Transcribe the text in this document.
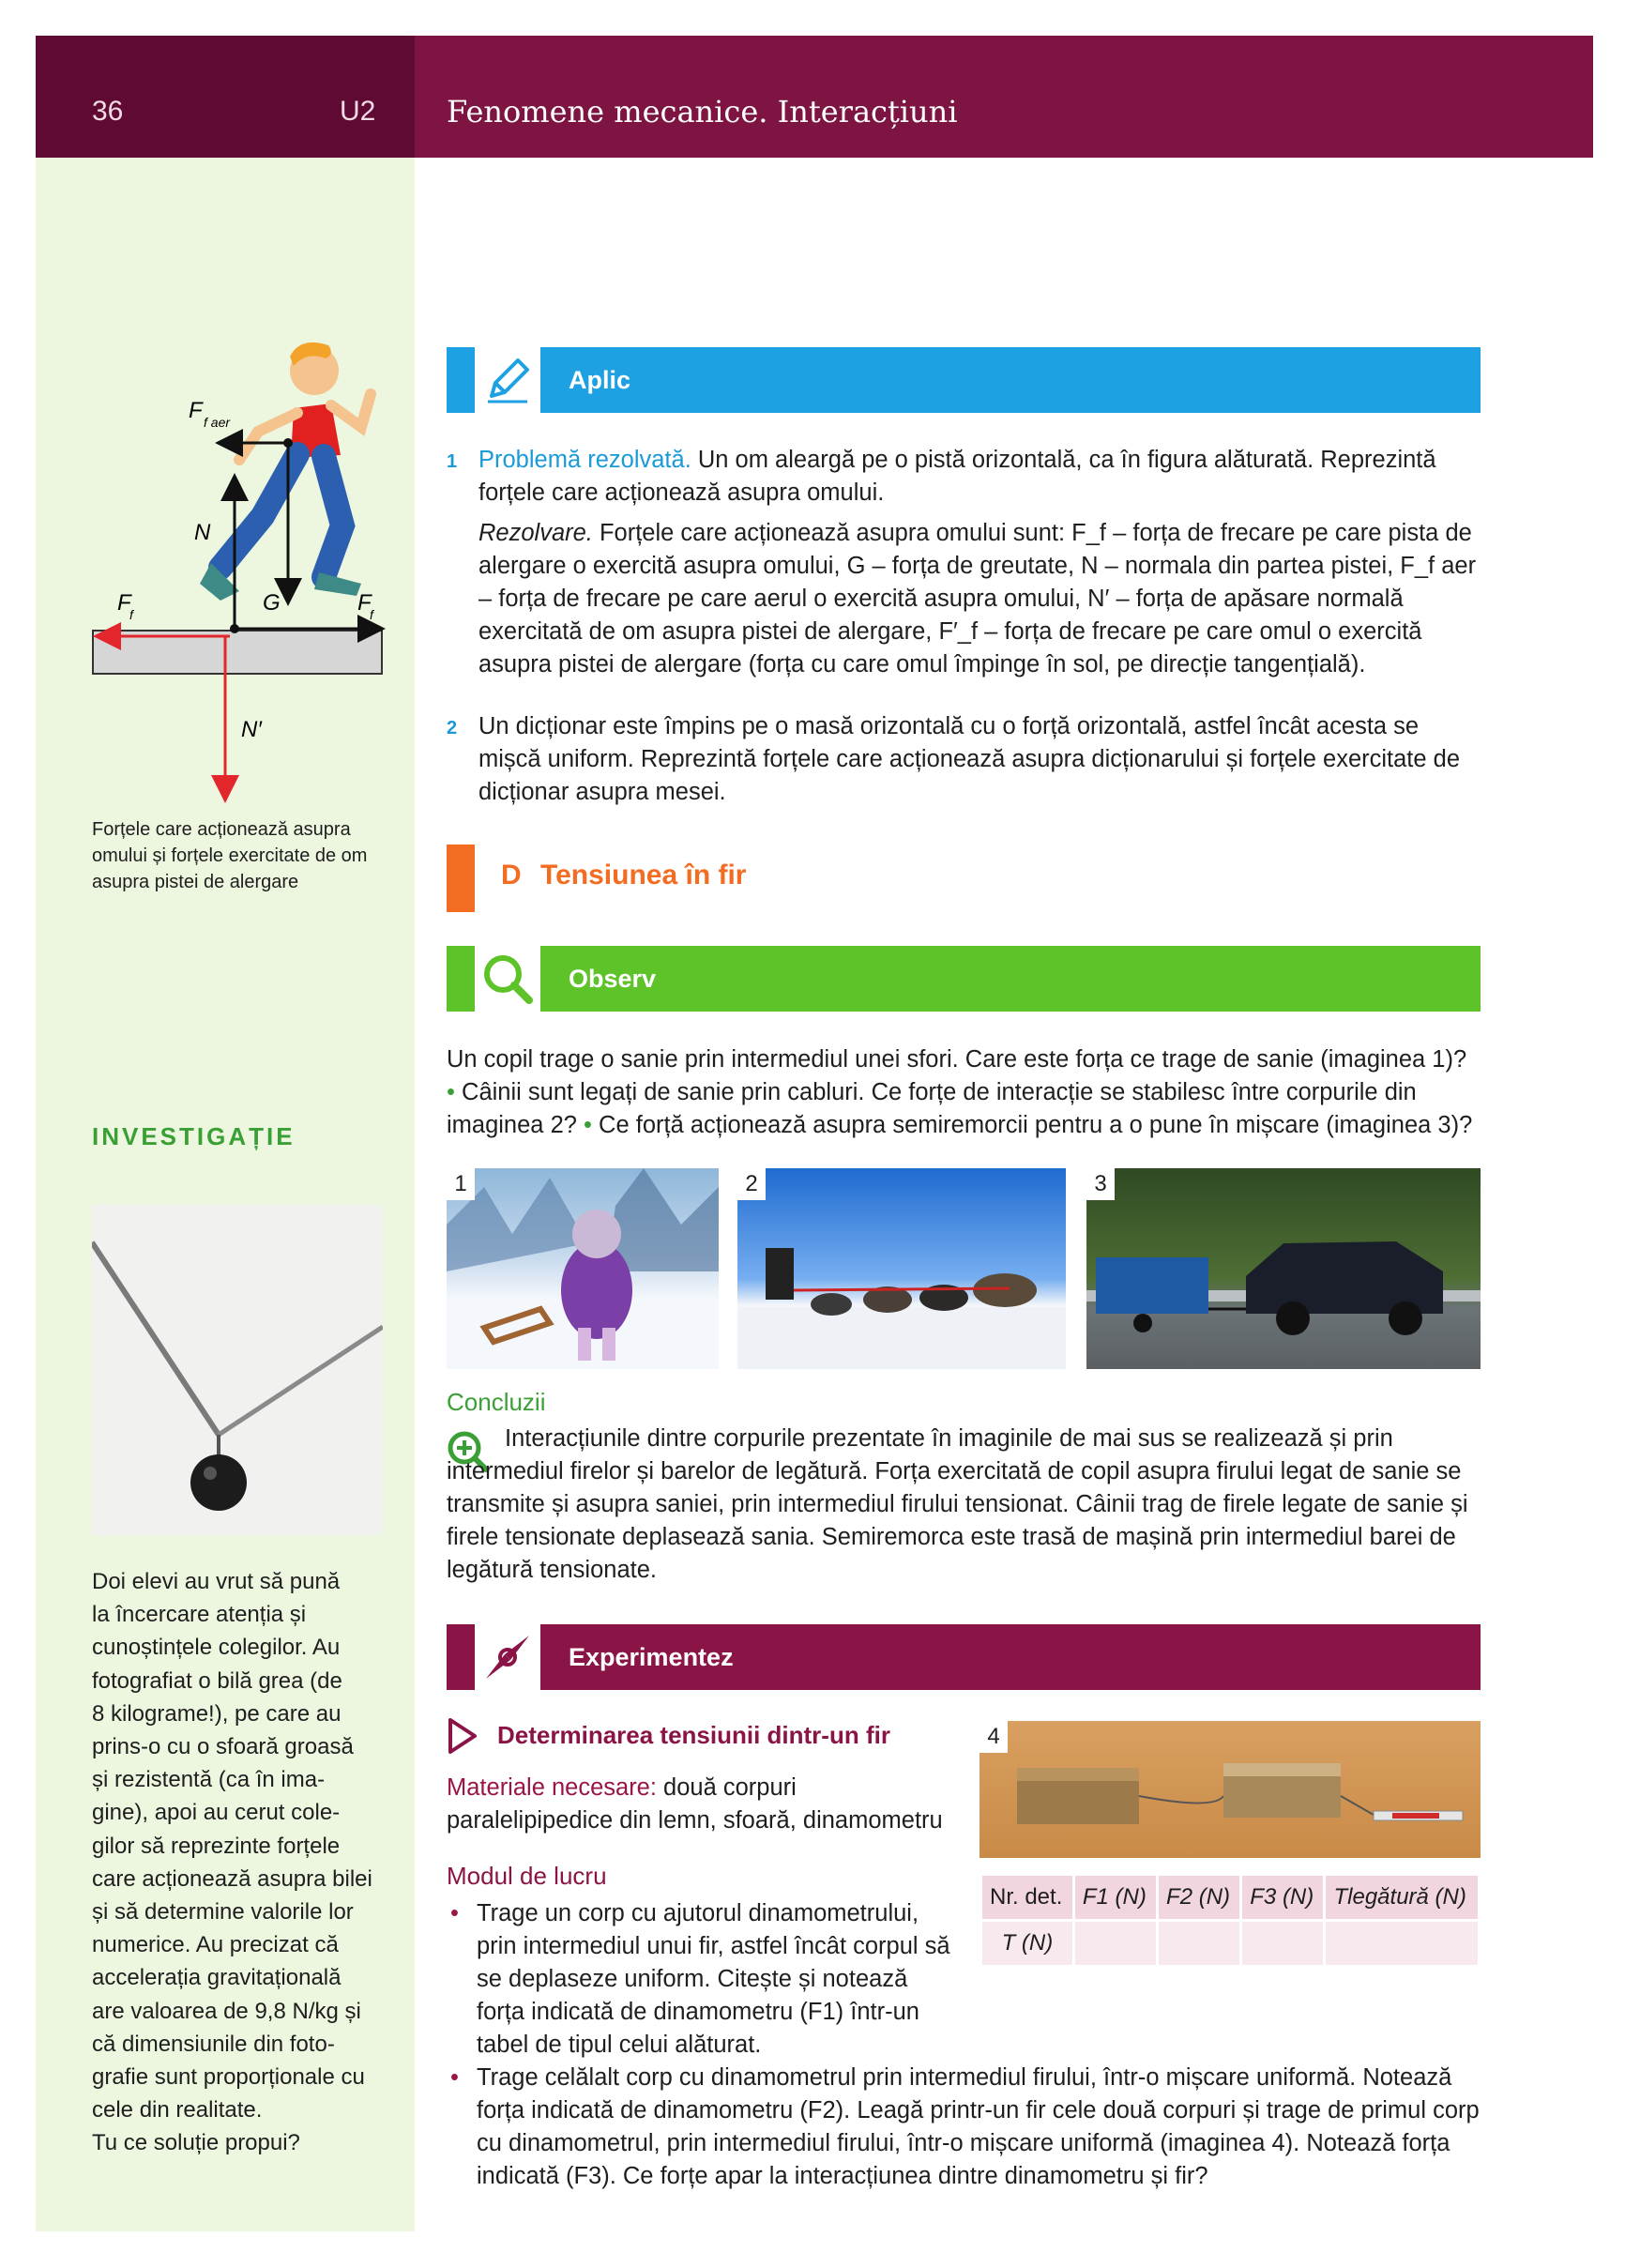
36	U2 Fenomene mecanice. Interacțiuni
F f aer
N
G
F
f	F
f
N′
Forțele care acționează asupra omului și forțele exercitate de om asupra pistei de alergare
INVESTIGAȚIE
Doi elevi au vrut să pună
la încercare atenția și
cunoștințele colegilor. Au
fotografiat o bilă grea (de
8 kilograme!), pe care au
prins-o cu o sfoară groasă
și rezistentă (ca în ima-
gine), apoi au cerut cole-
gilor să reprezinte forțele
care acționează asupra bilei
și să determine valorile lor
numerice. Au precizat că
accelerația gravitațională
are valoarea de 9,8 N/kg și
că dimensiunile din foto-
grafie sunt proporționale cu
cele din realitate.
Tu ce soluție propui?
Aplic
1 Problemă rezolvată. Un om aleargă pe o pistă orizontală, ca în figura alăturată. Reprezintă forțele care acționează asupra omului.
Rezolvare. Forțele care acționează asupra omului sunt: F_f – forța de frecare pe care pista de alergare o exercită asupra omului, G – forța de greutate, N – normala din partea pistei, F_f aer – forța de frecare pe care aerul o exercită asupra omului, N′ – forța de apăsare normală exercitată de om asupra pistei de alergare, F′_f – forța de frecare pe care omul o exercită asupra pistei de alergare (forța cu care omul împinge în sol, pe direcție tangențială).
2 Un dicționar este împins pe o masă orizontală cu o forță orizontală, astfel încât acesta se mișcă uniform. Reprezintă forțele care acționează asupra dicționarului și forțele exercitate de dicționar asupra mesei.
D Tensiunea în fir
Observ
Un copil trage o sanie prin intermediul unei sfori. Care este forța ce trage de sanie (imaginea 1)? • Câinii sunt legați de sanie prin cabluri. Ce forțe de interacție se stabilesc între corpurile din imaginea 2? • Ce forță acționează asupra semiremorcii pentru a o pune în mișcare (imaginea 3)?
1	2	3
Concluzii
Interacțiunile dintre corpurile prezentate în imaginile de mai sus se realizează și prin intermediul firelor și barelor de legătură. Forța exercitată de copil asupra firului legat de sanie se transmite și asupra saniei, prin intermediul firului tensionat. Câinii trag de firele legate de sanie și firele tensionate deplasează sania. Semiremorca este trasă de mașină prin intermediul barei de legătură tensionate.
Experimentez
Determinarea tensiunii dintr-un fir
Materiale necesare: două corpuri paralelipipedice din lemn, sfoară, dinamometru
4
Modul de lucru
Nr. det.	F1 (N)	F2 (N)	F3 (N)	Tlegătură (N)
T (N)				
• Trage un corp cu ajutorul dinamometrului, prin intermediul unui fir, astfel încât corpul să se deplaseze uniform. Citește și notează forța indicată de dinamometru (F1) într-un tabel de tipul celui alăturat.
• Trage celălalt corp cu dinamometrul prin intermediul firului, într-o mișcare uniformă. Notează forța indicată de dinamometru (F2). Leagă printr-un fir cele două corpuri și trage de primul corp cu dinamometrul, prin intermediul firului, într-o mișcare uniformă (imaginea 4). Notează forța indicată (F3). Ce forțe apar la interacțiunea dintre dinamometru și fir?
